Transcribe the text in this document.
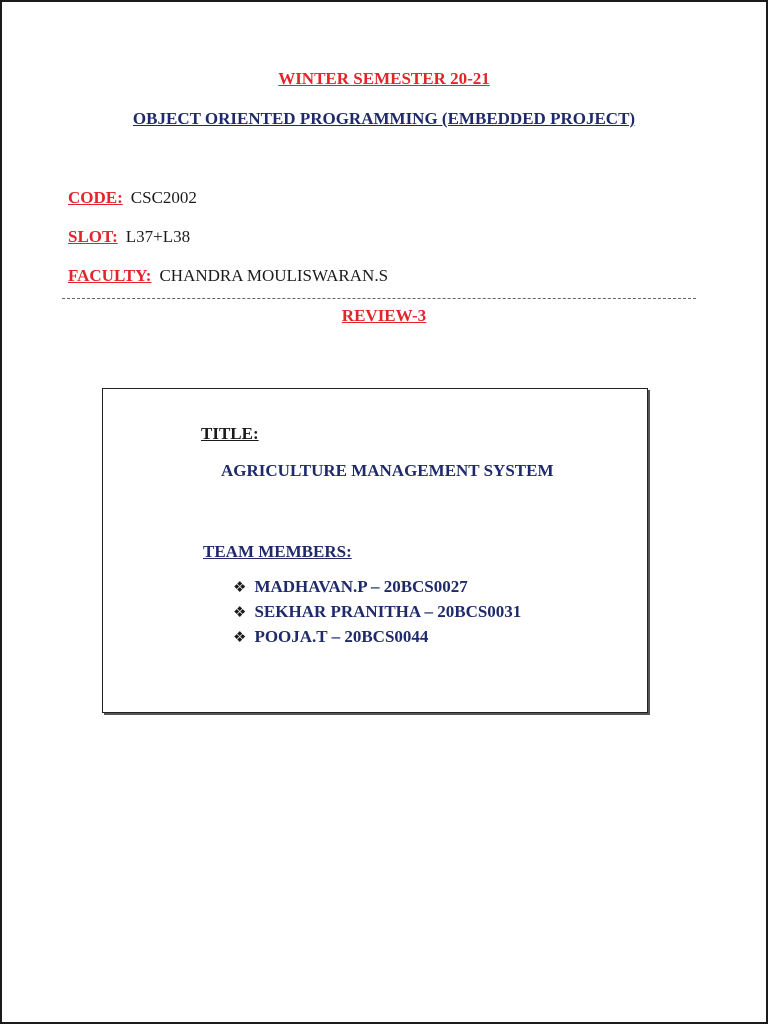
WINTER SEMESTER 20-21
OBJECT ORIENTED PROGRAMMING (EMBEDDED PROJECT)
CODE: CSC2002
SLOT: L37+L38
FACULTY: CHANDRA MOULISWARAN.S
REVIEW-3
TITLE:
AGRICULTURE MANAGEMENT SYSTEM
TEAM MEMBERS:
❖ MADHAVAN.P – 20BCS0027
❖ SEKHAR PRANITHA – 20BCS0031
❖ POOJA.T – 20BCS0044
